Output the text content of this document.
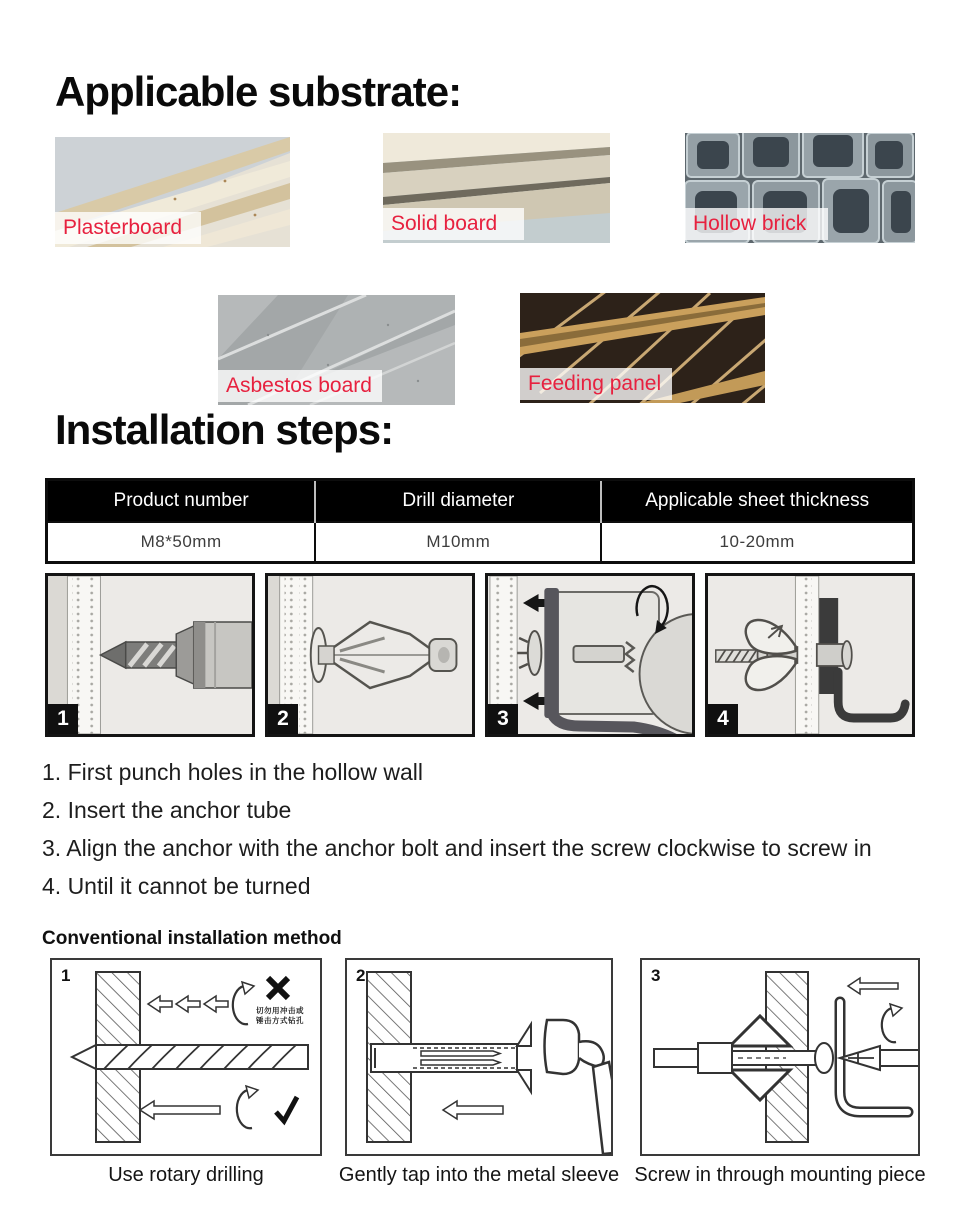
Applicable substrate:
Plasterboard	Solid board	Hollow brick
Asbestos board	Feeding panel
Installation steps:
Product number	Drill diameter	Applicable sheet thickness
M8*50mm	M10mm	10-20mm
1	2	3	4
1. First punch holes in the hollow wall
2. Insert the anchor tube
3. Align the anchor with the anchor bolt and insert the screw clockwise to screw in
4. Until it cannot be turned
Conventional installation method
1
切勿用冲击或
锤击方式钻孔
2	3
Use rotary drilling	Gently tap into the metal sleeve Screw in through mounting piece
